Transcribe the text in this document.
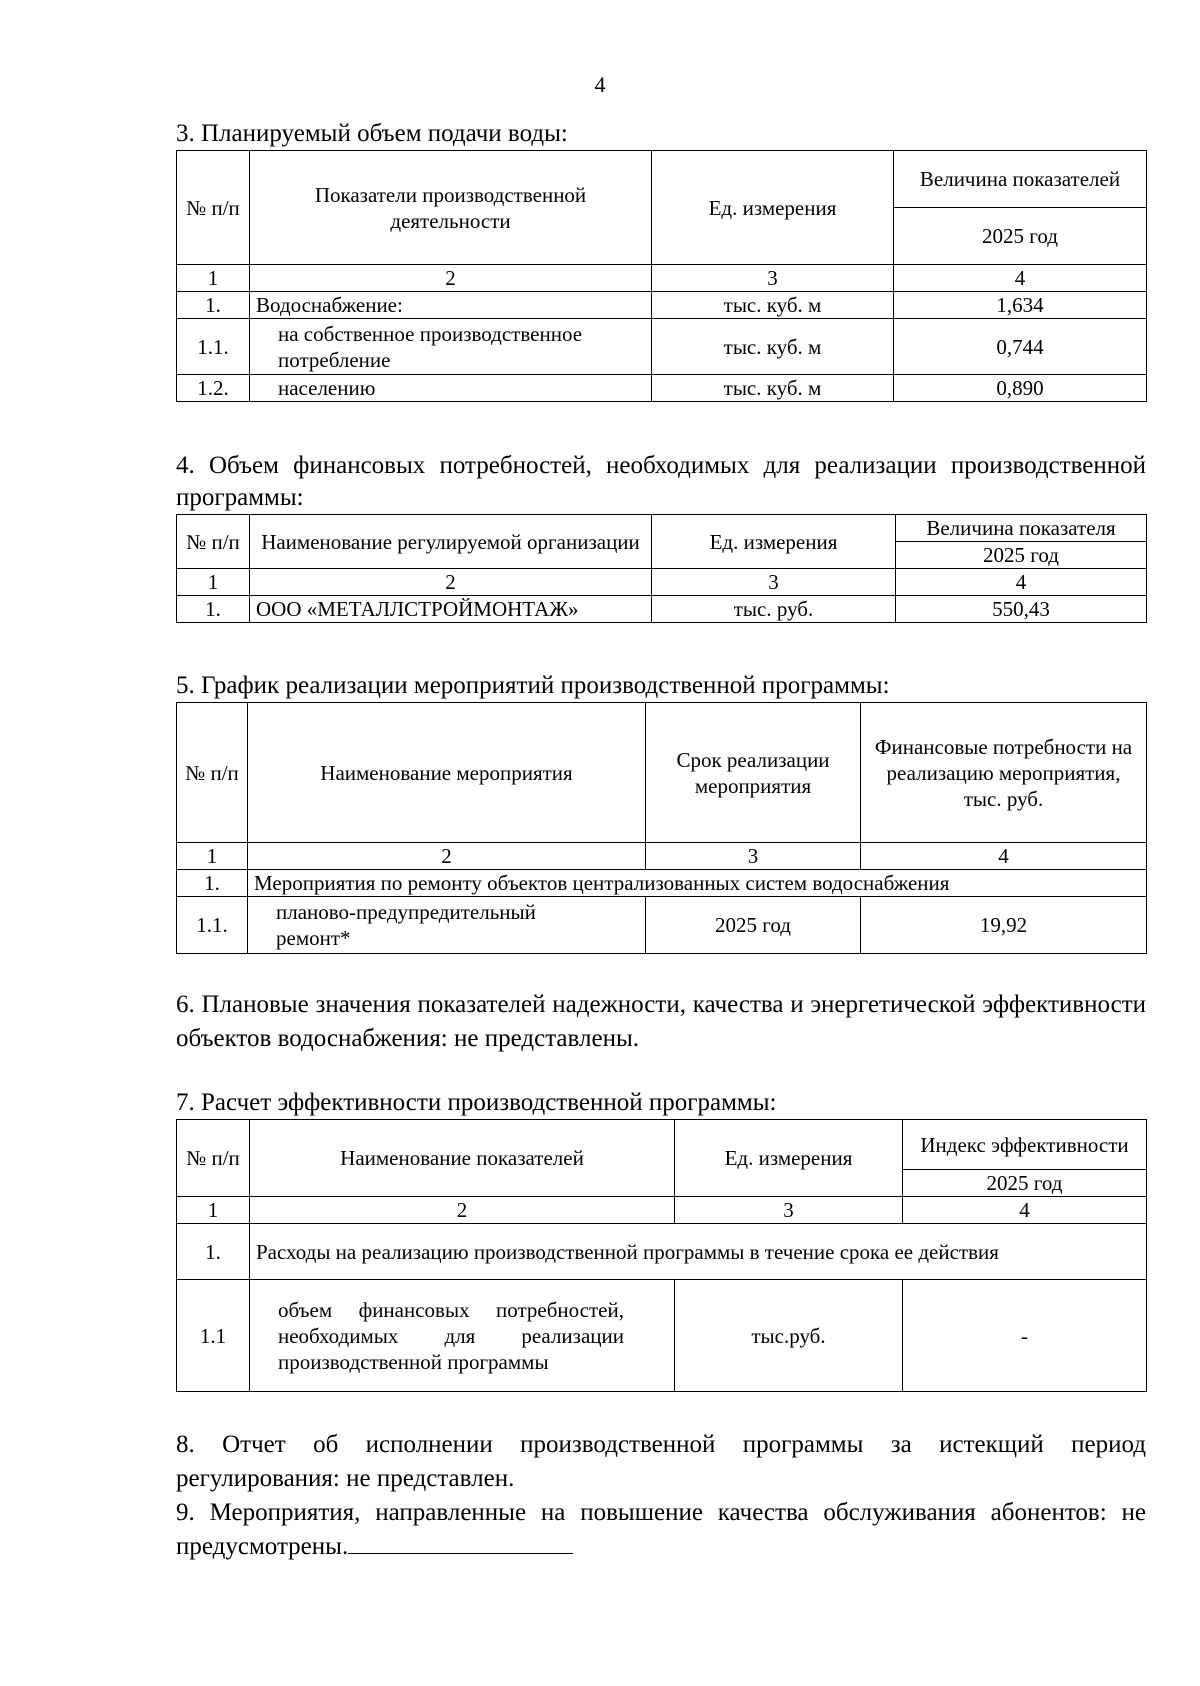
4
3. Планируемый объем подачи воды:
№ п/п	Показатели производственной деятельности	Ед. измерения	Величина показателей
			2025 год
1	2	3	4
1.	Водоснабжение:	тыс. куб. м	1,634
1.1.	на собственное производственное потребление	тыс. куб. м	0,744
1.2.	населению	тыс. куб. м	0,890
4. Объем финансовых потребностей, необходимых для реализации производственной программы:
№ п/п	Наименование регулируемой организации	Ед. измерения	Величина показателя
			2025 год
1	2	3	4
1.	ООО «МЕТАЛЛСТРОЙМОНТАЖ»	тыс. руб.	550,43
5. График реализации мероприятий производственной программы:
№ п/п	Наименование мероприятия	Срок реализации мероприятия	Финансовые потребности на реализацию мероприятия, тыс. руб.
1	2	3	4
1.	Мероприятия по ремонту объектов централизованных систем водоснабжения		
1.1.	планово-предупредительный ремонт*	2025 год	19,92
6. Плановые значения показателей надежности, качества и энергетической эффективности объектов водоснабжения: не представлены.
7. Расчет эффективности производственной программы:
№ п/п	Наименование показателей	Ед. измерения	Индекс эффективности
			2025 год
1	2	3	4
1.	Расходы на реализацию производственной программы в течение срока ее действия		
1.1	объем финансовых потребностей, необходимых для реализации производственной программы	тыс.руб.	-
8. Отчет об исполнении производственной программы за истекщий период регулирования: не представлен.
9. Мероприятия, направленные на повышение качества обслуживания абонентов: не предусмотрены.
